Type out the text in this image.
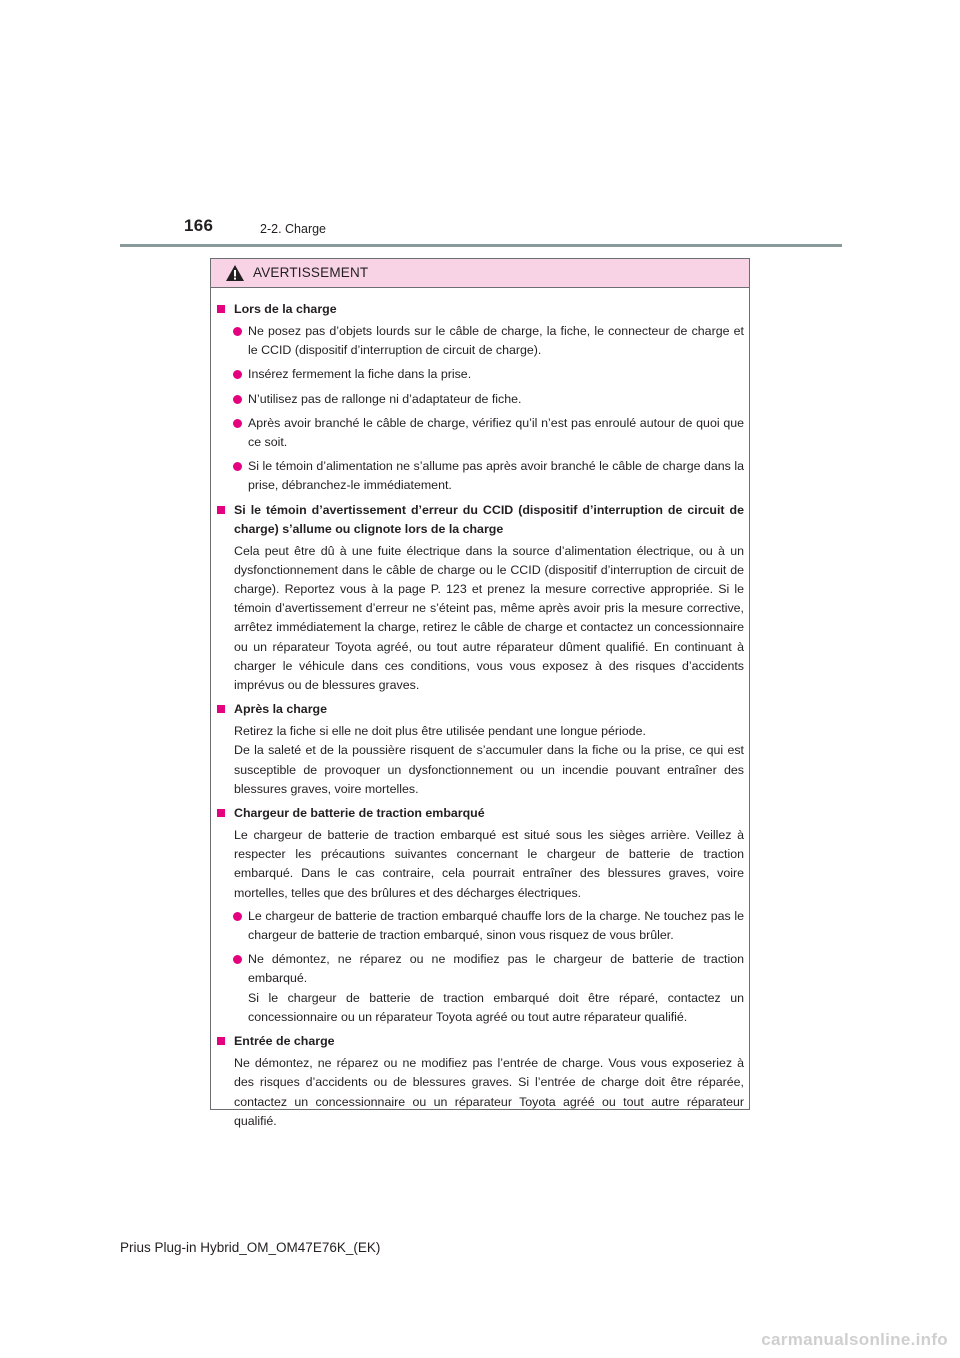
166	2-2. Charge
AVERTISSEMENT
Lors de la charge
Ne posez pas d’objets lourds sur le câble de charge, la fiche, le connecteur de charge et le CCID (dispositif d’interruption de circuit de charge).
Insérez fermement la fiche dans la prise.
N’utilisez pas de rallonge ni d’adaptateur de fiche.
Après avoir branché le câble de charge, vérifiez qu’il n’est pas enroulé autour de quoi que ce soit.
Si le témoin d’alimentation ne s’allume pas après avoir branché le câble de charge dans la prise, débranchez-le immédiatement.
Si le témoin d’avertissement d’erreur du CCID (dispositif d’interruption de circuit de charge) s’allume ou clignote lors de la charge
Cela peut être dû à une fuite électrique dans la source d’alimentation électrique, ou à un dysfonctionnement dans le câble de charge ou le CCID (dispositif d’interruption de circuit de charge). Reportez vous à la page P. 123 et prenez la mesure corrective appropriée. Si le témoin d’avertissement d’erreur ne s’éteint pas, même après avoir pris la mesure corrective, arrêtez immédiatement la charge, retirez le câble de charge et contactez un concessionnaire ou un réparateur Toyota agréé, ou tout autre réparateur dûment qualifié. En continuant à charger le véhicule dans ces conditions, vous vous exposez à des risques d’accidents imprévus ou de blessures graves.
Après la charge
Retirez la fiche si elle ne doit plus être utilisée pendant une longue période.
De la saleté et de la poussière risquent de s’accumuler dans la fiche ou la prise, ce qui est susceptible de provoquer un dysfonctionnement ou un incendie pouvant entraîner des blessures graves, voire mortelles.
Chargeur de batterie de traction embarqué
Le chargeur de batterie de traction embarqué est situé sous les sièges arrière. Veillez à respecter les précautions suivantes concernant le chargeur de batterie de traction embarqué. Dans le cas contraire, cela pourrait entraîner des blessures graves, voire mortelles, telles que des brûlures et des décharges électriques.
Le chargeur de batterie de traction embarqué chauffe lors de la charge. Ne touchez pas le chargeur de batterie de traction embarqué, sinon vous risquez de vous brûler.
Ne démontez, ne réparez ou ne modifiez pas le chargeur de batterie de traction embarqué.
Si le chargeur de batterie de traction embarqué doit être réparé, contactez un concessionnaire ou un réparateur Toyota agréé ou tout autre réparateur qualifié.
Entrée de charge
Ne démontez, ne réparez ou ne modifiez pas l’entrée de charge. Vous vous exposeriez à des risques d’accidents ou de blessures graves. Si l’entrée de charge doit être réparée, contactez un concessionnaire ou un réparateur Toyota agréé ou tout autre réparateur qualifié.
Prius Plug-in Hybrid_OM_OM47E76K_(EK)
carmanualsonline.info
